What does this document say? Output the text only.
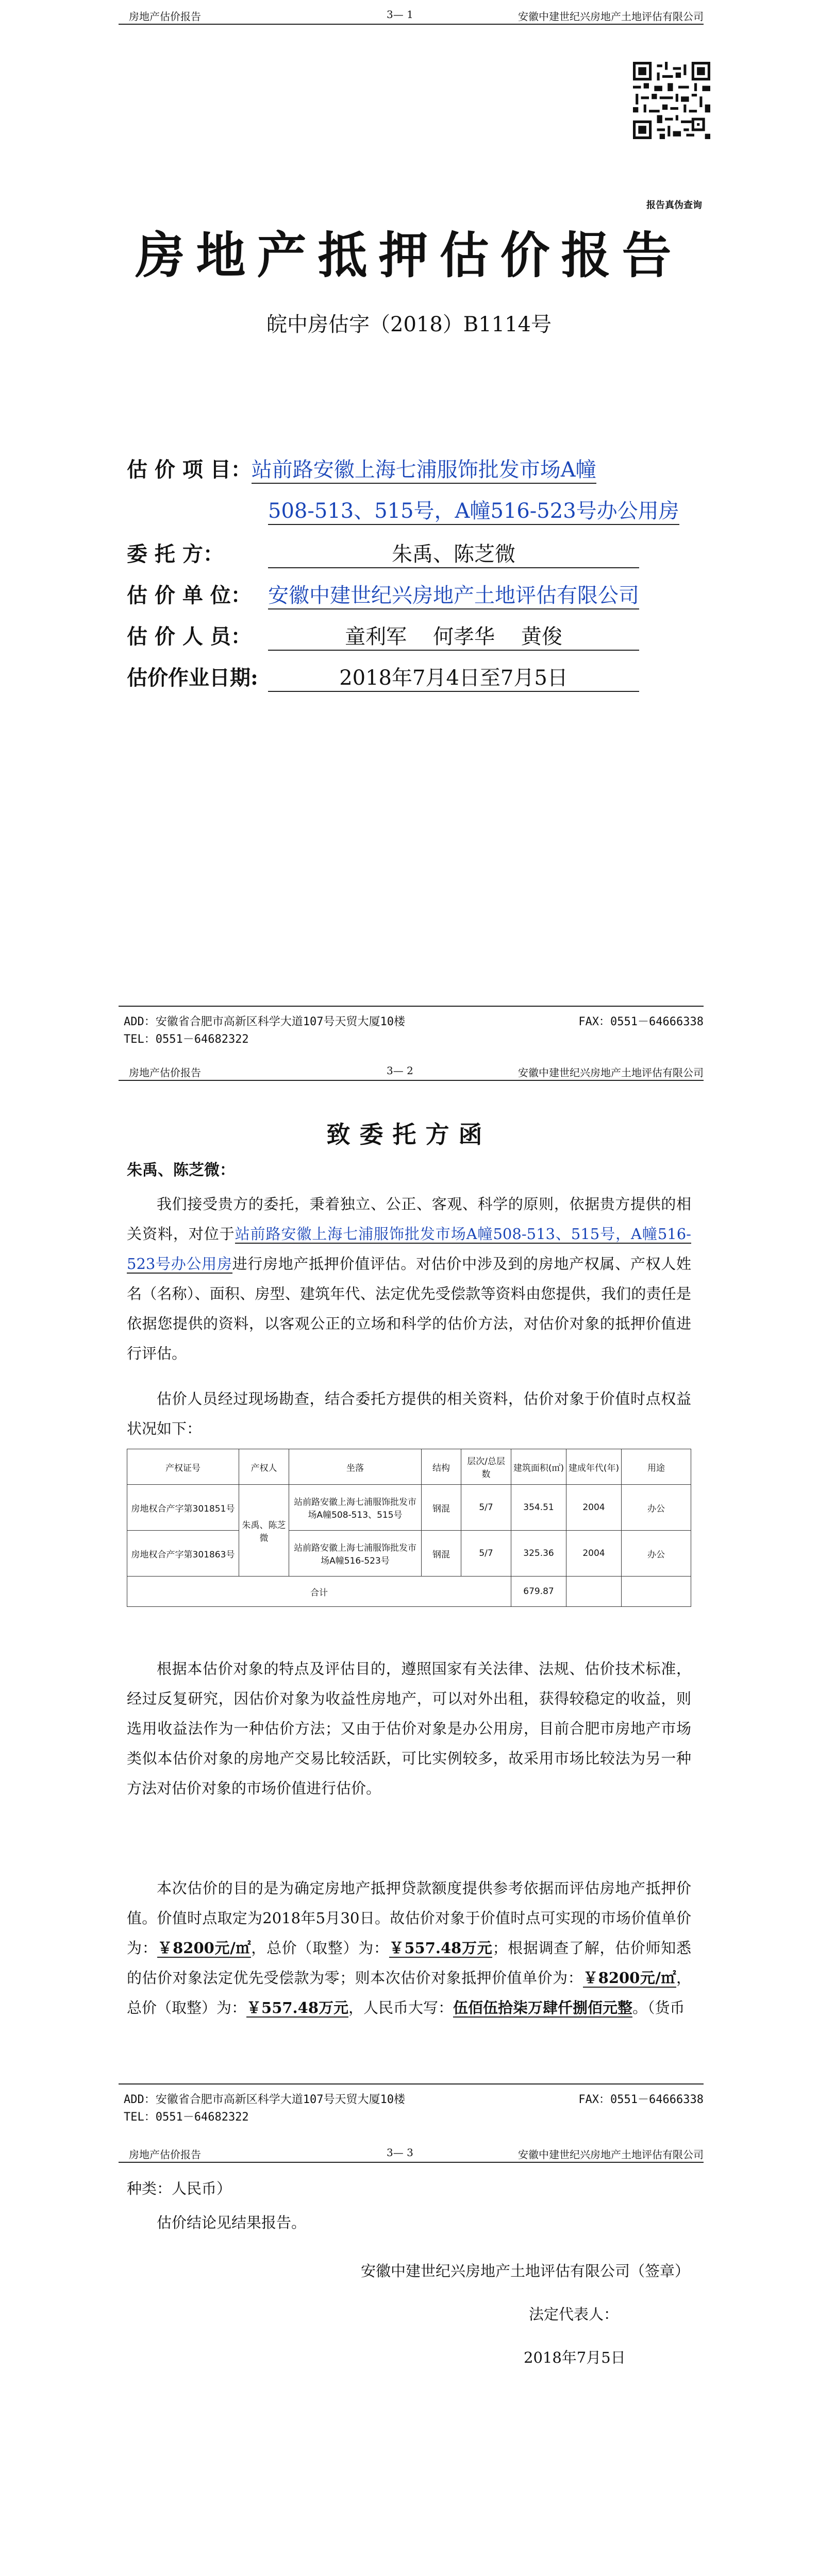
房地产估价报告	3— 1	安徽中建世纪兴房地产土地评估有限公司
报告真伪查询
房地产抵押估价报告
皖中房估字（2018）B1114号
估 价 项 目：站前路安徽上海七浦服饰批发市场A幢
508-513、515号，A幢516-523号办公用房
委 托 方：	朱禹、陈芝微
估 价 单 位： 安徽中建世纪兴房地产土地评估有限公司
估 价 人 员：	童利军    何孝华    黄俊
估价作业日期:	2018年7月4日至7月5日
ADD：安徽省合肥市高新区科学大道107号天贸大厦10楼	FAX：0551－64666338
TEL：0551－64682322
房地产估价报告	3— 2	安徽中建世纪兴房地产土地评估有限公司
致委托方函
朱禹、陈芝微：
我们接受贵方的委托，秉着独立、公正、客观、科学的原则，依据贵方提供的相关资料，对位于站前路安徽上海七浦服饰批发市场A幢508-513、515号，A幢516-523号办公用房进行房地产抵押价值评估。对估价中涉及到的房地产权属、产权人姓名（名称）、面积、房型、建筑年代、法定优先受偿款等资料由您提供，我们的责任是依据您提供的资料，以客观公正的立场和科学的估价方法，对估价对象的抵押价值进行评估。
估价人员经过现场勘查，结合委托方提供的相关资料，估价对象于价值时点权益状况如下：
产权证号	产权人	坐落	结构	层次/总层数	建筑面积(㎡)	建成年代(年)	用途
房地权合产字第301851号	朱禹、陈芝微	站前路安徽上海七浦服饰批发市场A幢508-513、515号	钢混	5/7	354.51	2004	办公
房地权合产字第301863号		站前路安徽上海七浦服饰批发市场A幢516-523号	钢混	5/7	325.36	2004	办公
合计					679.87		
根据本估价对象的特点及评估目的，遵照国家有关法律、法规、估价技术标准，经过反复研究，因估价对象为收益性房地产，可以对外出租，获得较稳定的收益，则选用收益法作为一种估价方法；又由于估价对象是办公用房，目前合肥市房地产市场类似本估价对象的房地产交易比较活跃，可比实例较多，故采用市场比较法为另一种方法对估价对象的市场价值进行估价。
本次估价的目的是为确定房地产抵押贷款额度提供参考依据而评估房地产抵押价值。价值时点取定为2018年5月30日。故估价对象于价值时点可实现的市场价值单价为：￥8200元/㎡，总价（取整）为：￥557.48万元；根据调查了解，估价师知悉的估价对象法定优先受偿款为零；则本次估价对象抵押价值单价为：￥8200元/㎡，总价（取整）为：￥557.48万元，人民币大写：伍佰伍拾柒万肆仟捌佰元整。（货币
ADD：安徽省合肥市高新区科学大道107号天贸大厦10楼	FAX：0551－64666338
TEL：0551－64682322
房地产估价报告	3— 3	安徽中建世纪兴房地产土地评估有限公司
种类：人民币）
估价结论见结果报告。
安徽中建世纪兴房地产土地评估有限公司（签章）
法定代表人：
2018年7月5日
